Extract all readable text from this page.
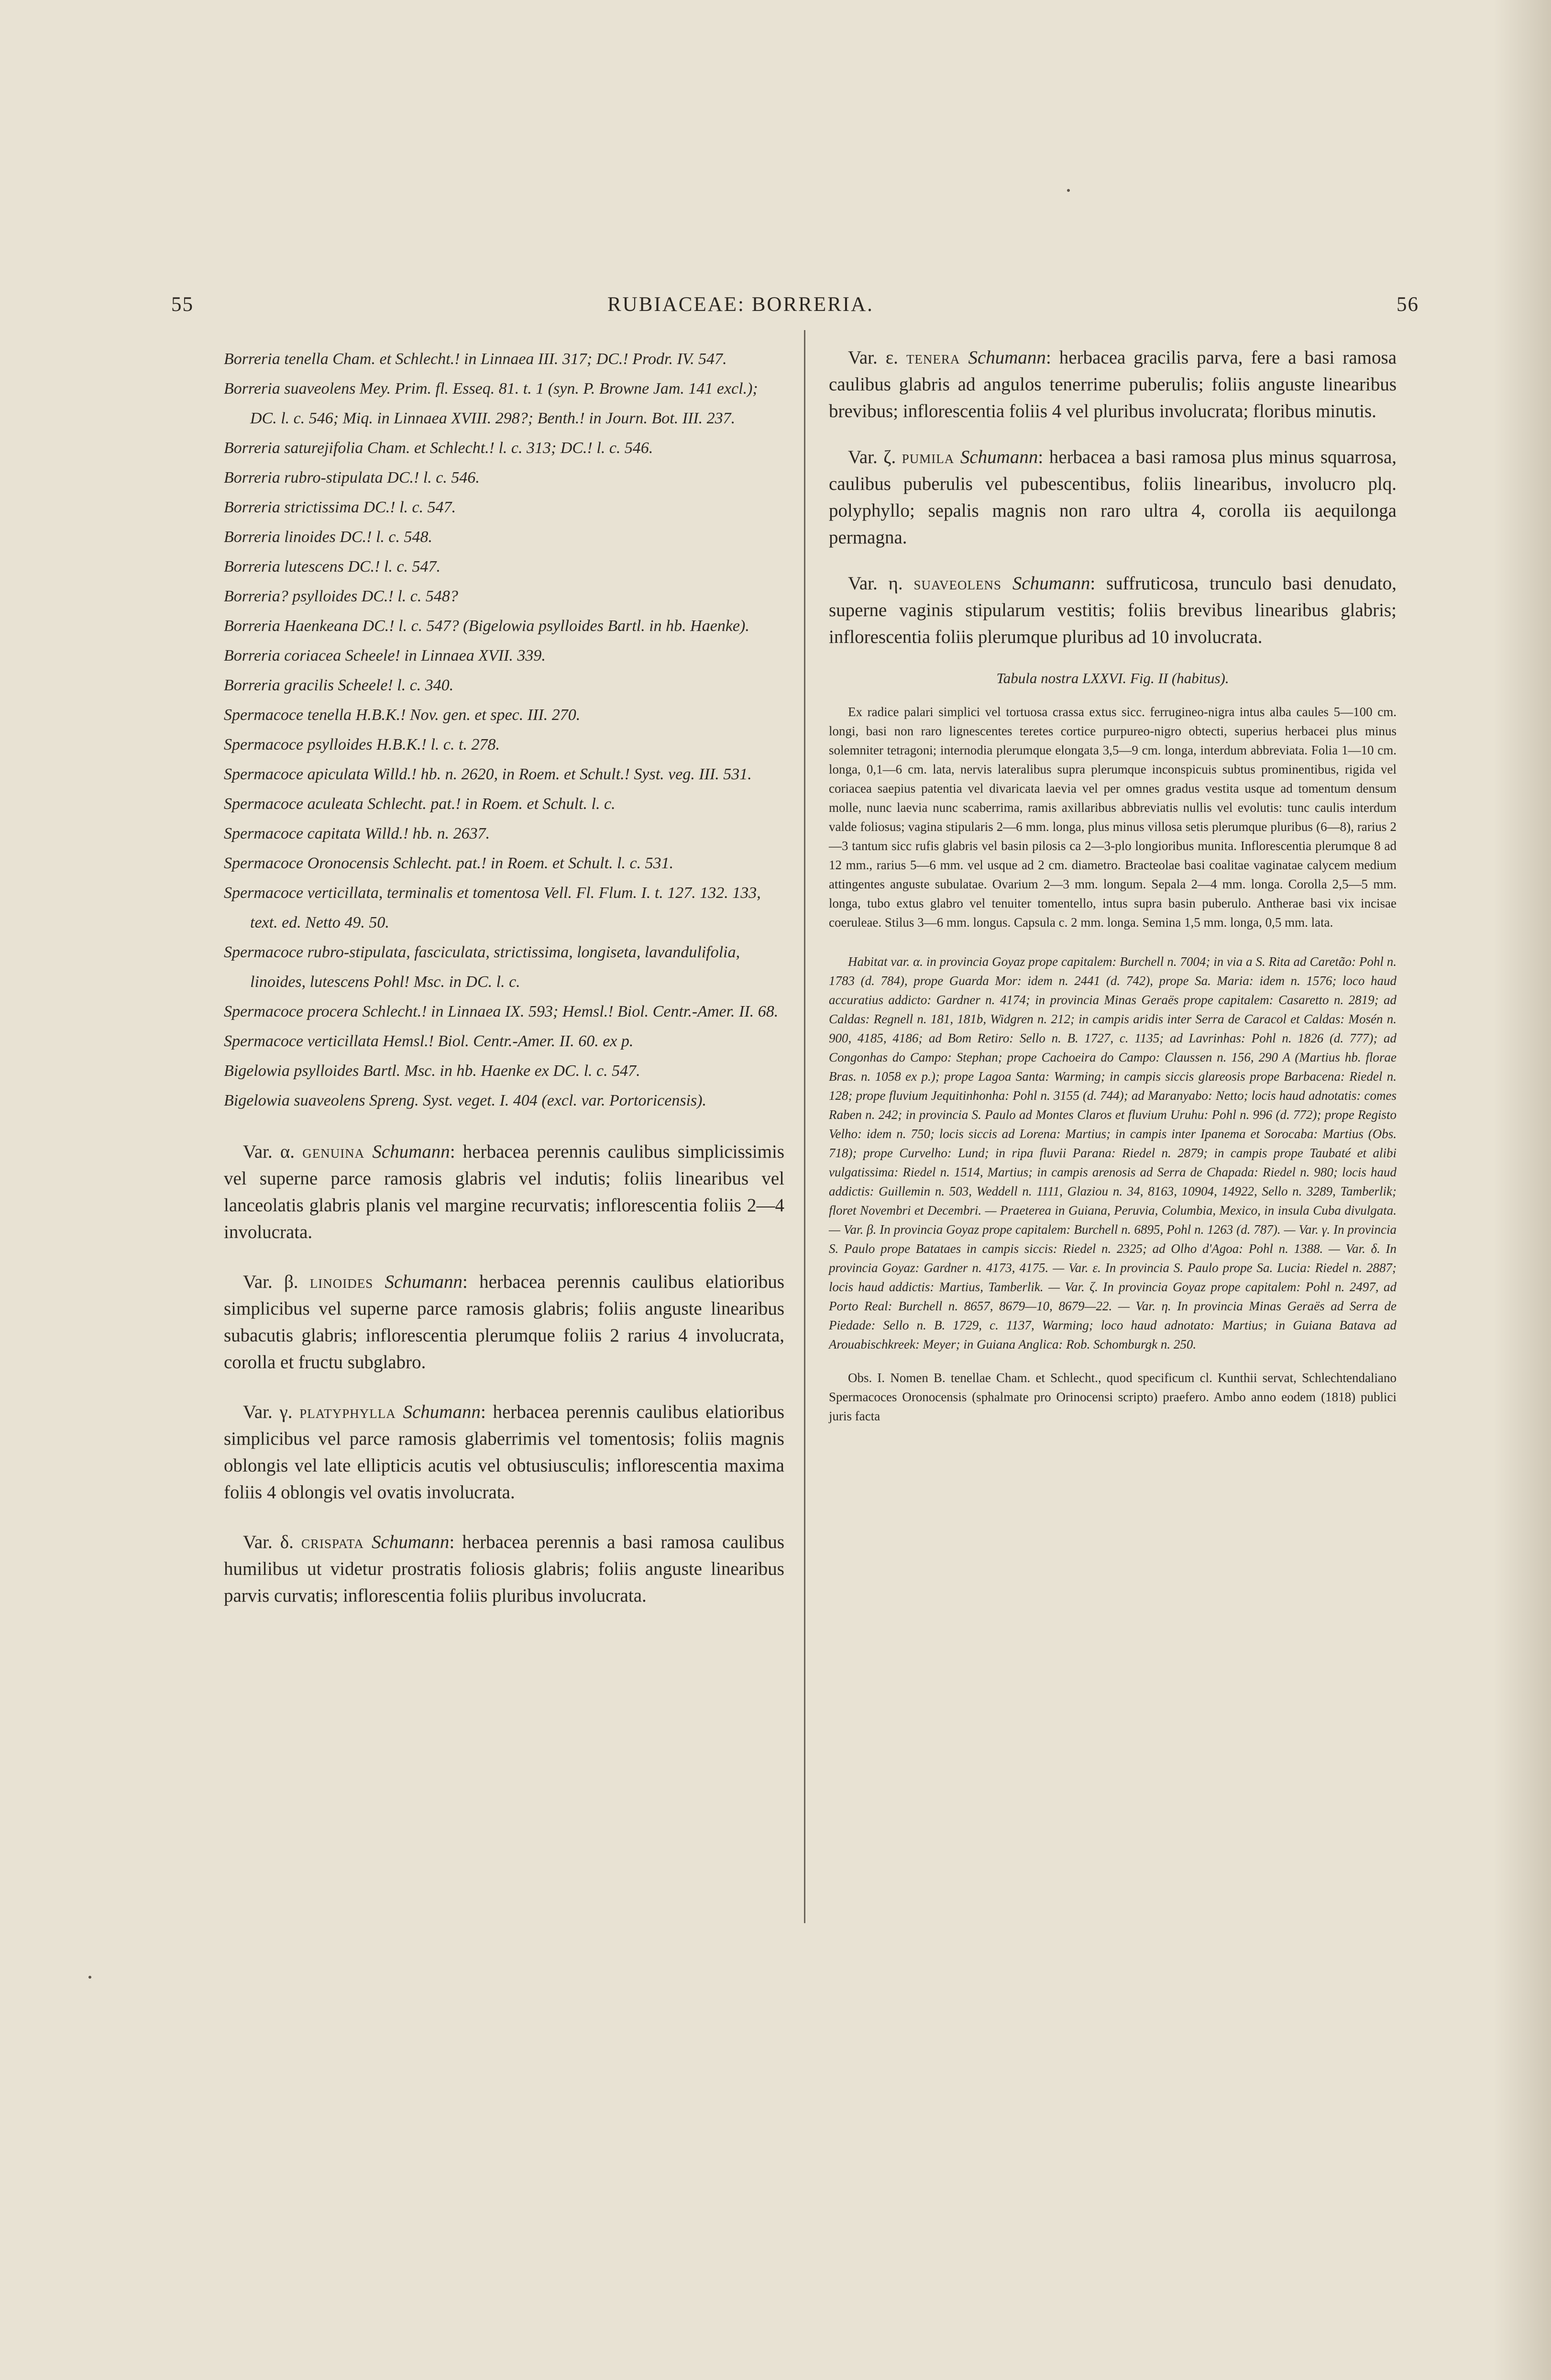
55	RUBIACEAE: BORRERIA.	56

Borreria tenella Cham. et Schlecht.! in Linnaea III. 317; DC.! Prodr. IV. 547.

Borreria suaveolens Mey. Prim. fl. Esseq. 81. t. 1 (syn. P. Browne Jam. 141 excl.); DC. l. c. 546; Miq. in Linnaea XVIII. 298?; Benth.! in Journ. Bot. III. 237.

Borreria saturejifolia Cham. et Schlecht.! l. c. 313; DC.! l. c. 546.

Borreria rubro-stipulata DC.! l. c. 546.

Borreria strictissima DC.! l. c. 547.

Borreria linoides DC.! l. c. 548.

Borreria lutescens DC.! l. c. 547.

Borreria? psylloides DC.! l. c. 548?

Borreria Haenkeana DC.! l. c. 547? (Bigelowia psylloides Bartl. in hb. Haenke).

Borreria coriacea Scheele! in Linnaea XVII. 339.

Borreria gracilis Scheele! l. c. 340.

Spermacoce tenella H.B.K.! Nov. gen. et spec. III. 270.

Spermacoce psylloides H.B.K.! l. c. t. 278.

Spermacoce apiculata Willd.! hb. n. 2620, in Roem. et Schult.! Syst. veg. III. 531.

Spermacoce aculeata Schlecht. pat.! in Roem. et Schult. l. c.

Spermacoce capitata Willd.! hb. n. 2637.

Spermacoce Oronocensis Schlecht. pat.! in Roem. et Schult. l. c. 531.

Spermacoce verticillata, terminalis et tomentosa Vell. Fl. Flum. I. t. 127. 132. 133, text. ed. Netto 49. 50.

Spermacoce rubro-stipulata, fasciculata, strictissima, longiseta, lavandulifolia, linoides, lutescens Pohl! Msc. in DC. l. c.

Spermacoce procera Schlecht.! in Linnaea IX. 593; Hemsl.! Biol. Centr.-Amer. II. 68.

Spermacoce verticillata Hemsl.! Biol. Centr.-Amer. II. 60. ex p.

Bigelowia psylloides Bartl. Msc. in hb. Haenke ex DC. l. c. 547.

Bigelowia suaveolens Spreng. Syst. veget. I. 404 (excl. var. Portoricensis).

Var. α. genuina Schumann: herbacea perennis caulibus simplicissimis vel superne parce ramosis glabris vel indutis; foliis linearibus vel lanceolatis glabris planis vel margine recurvatis; inflorescentia foliis 2—4 involucrata.

Var. β. linoides Schumann: herbacea perennis caulibus elatioribus simplicibus vel superne parce ramosis glabris; foliis anguste linearibus subacutis glabris; inflorescentia plerumque foliis 2 rarius 4 involucrata, corolla et fructu subglabro.

Var. γ. platyphylla Schumann: herbacea perennis caulibus elatioribus simplicibus vel parce ramosis glaberrimis vel tomentosis; foliis magnis oblongis vel late ellipticis acutis vel obtusiusculis; inflorescentia maxima foliis 4 oblongis vel ovatis involucrata.

Var. δ. crispata Schumann: herbacea perennis a basi ramosa caulibus humilibus ut videtur prostratis foliosis glabris; foliis anguste linearibus parvis curvatis; inflorescentia foliis pluribus involucrata.

Var. ε. tenera Schumann: herbacea gracilis parva, fere a basi ramosa caulibus glabris ad angulos tenerrime puberulis; foliis anguste linearibus brevibus; inflorescentia foliis 4 vel pluribus involucrata; floribus minutis.

Var. ζ. pumila Schumann: herbacea a basi ramosa plus minus squarrosa, caulibus puberulis vel pubescentibus, foliis linearibus, involucro plq. polyphyllo; sepalis magnis non raro ultra 4, corolla iis aequilonga permagna.

Var. η. suaveolens Schumann: suffruticosa, trunculo basi denudato, superne vaginis stipularum vestitis; foliis brevibus linearibus glabris; inflorescentia foliis plerumque pluribus ad 10 involucrata.

Tabula nostra LXXVI. Fig. II (habitus).

Ex radice palari simplici vel tortuosa crassa extus sicc. ferrugineo-nigra intus alba caules 5—100 cm. longi, basi non raro lignescentes teretes cortice purpureo-nigro obtecti, superius herbacei plus minus solemniter tetragoni; internodia plerumque elongata 3,5—9 cm. longa, interdum abbreviata. Folia 1—10 cm. longa, 0,1—6 cm. lata, nervis lateralibus supra plerumque inconspicuis subtus prominentibus, rigida vel coriacea saepius patentia vel divaricata laevia vel per omnes gradus vestita usque ad tomentum densum molle, nunc laevia nunc scaberrima, ramis axillaribus abbreviatis nullis vel evolutis: tunc caulis interdum valde foliosus; vagina stipularis 2—6 mm. longa, plus minus villosa setis plerumque pluribus (6—8), rarius 2—3 tantum sicc rufis glabris vel basin pilosis ca 2—3-plo longioribus munita. Inflorescentia plerumque 8 ad 12 mm., rarius 5—6 mm. vel usque ad 2 cm. diametro. Bracteolae basi coalitae vaginatae calycem medium attingentes anguste subulatae. Ovarium 2—3 mm. longum. Sepala 2—4 mm. longa. Corolla 2,5—5 mm. longa, tubo extus glabro vel tenuiter tomentello, intus supra basin puberulo. Antherae basi vix incisae coeruleae. Stilus 3—6 mm. longus. Capsula c. 2 mm. longa. Semina 1,5 mm. longa, 0,5 mm. lata.

Habitat var. α. in provincia Goyaz prope capitalem: Burchell n. 7004; in via a S. Rita ad Caretão: Pohl n. 1783 (d. 784), prope Guarda Mor: idem n. 2441 (d. 742), prope Sa. Maria: idem n. 1576; loco haud accuratius addicto: Gardner n. 4174; in provincia Minas Geraës prope capitalem: Casaretto n. 2819; ad Caldas: Regnell n. 181, 181b, Widgren n. 212; in campis aridis inter Serra de Caracol et Caldas: Mosén n. 900, 4185, 4186; ad Bom Retiro: Sello n. B. 1727, c. 1135; ad Lavrinhas: Pohl n. 1826 (d. 777); ad Congonhas do Campo: Stephan; prope Cachoeira do Campo: Claussen n. 156, 290 A (Martius hb. florae Bras. n. 1058 ex p.); prope Lagoa Santa: Warming; in campis siccis glareosis prope Barbacena: Riedel n. 128; prope fluvium Jequitinhonha: Pohl n. 3155 (d. 744); ad Maranyabo: Netto; locis haud adnotatis: comes Raben n. 242; in provincia S. Paulo ad Montes Claros et fluvium Uruhu: Pohl n. 996 (d. 772); prope Registo Velho: idem n. 750; locis siccis ad Lorena: Martius; in campis inter Ipanema et Sorocaba: Martius (Obs. 718); prope Curvelho: Lund; in ripa fluvii Parana: Riedel n. 2879; in campis prope Taubaté et alibi vulgatissima: Riedel n. 1514, Martius; in campis arenosis ad Serra de Chapada: Riedel n. 980; locis haud addictis: Guillemin n. 503, Weddell n. 1111, Glaziou n. 34, 8163, 10904, 14922, Sello n. 3289, Tamberlik; floret Novembri et Decembri. — Praeterea in Guiana, Peruvia, Columbia, Mexico, in insula Cuba divulgata. — Var. β. In provincia Goyaz prope capitalem: Burchell n. 6895, Pohl n. 1263 (d. 787). — Var. γ. In provincia S. Paulo prope Batataes in campis siccis: Riedel n. 2325; ad Olho d'Agoa: Pohl n. 1388. — Var. δ. In provincia Goyaz: Gardner n. 4173, 4175. — Var. ε. In provincia S. Paulo prope Sa. Lucia: Riedel n. 2887; locis haud addictis: Martius, Tamberlik. — Var. ζ. In provincia Goyaz prope capitalem: Pohl n. 2497, ad Porto Real: Burchell n. 8657, 8679—10, 8679—22. — Var. η. In provincia Minas Geraës ad Serra de Piedade: Sello n. B. 1729, c. 1137, Warming; loco haud adnotato: Martius; in Guiana Batava ad Arouabischkreek: Meyer; in Guiana Anglica: Rob. Schomburgk n. 250.

Obs. I. Nomen B. tenellae Cham. et Schlecht., quod specificum cl. Kunthii servat, Schlechtendaliano Spermacoces Oronocensis (sphalmate pro Orinocensi scripto) praefero. Ambo anno eodem (1818) publici juris facta
